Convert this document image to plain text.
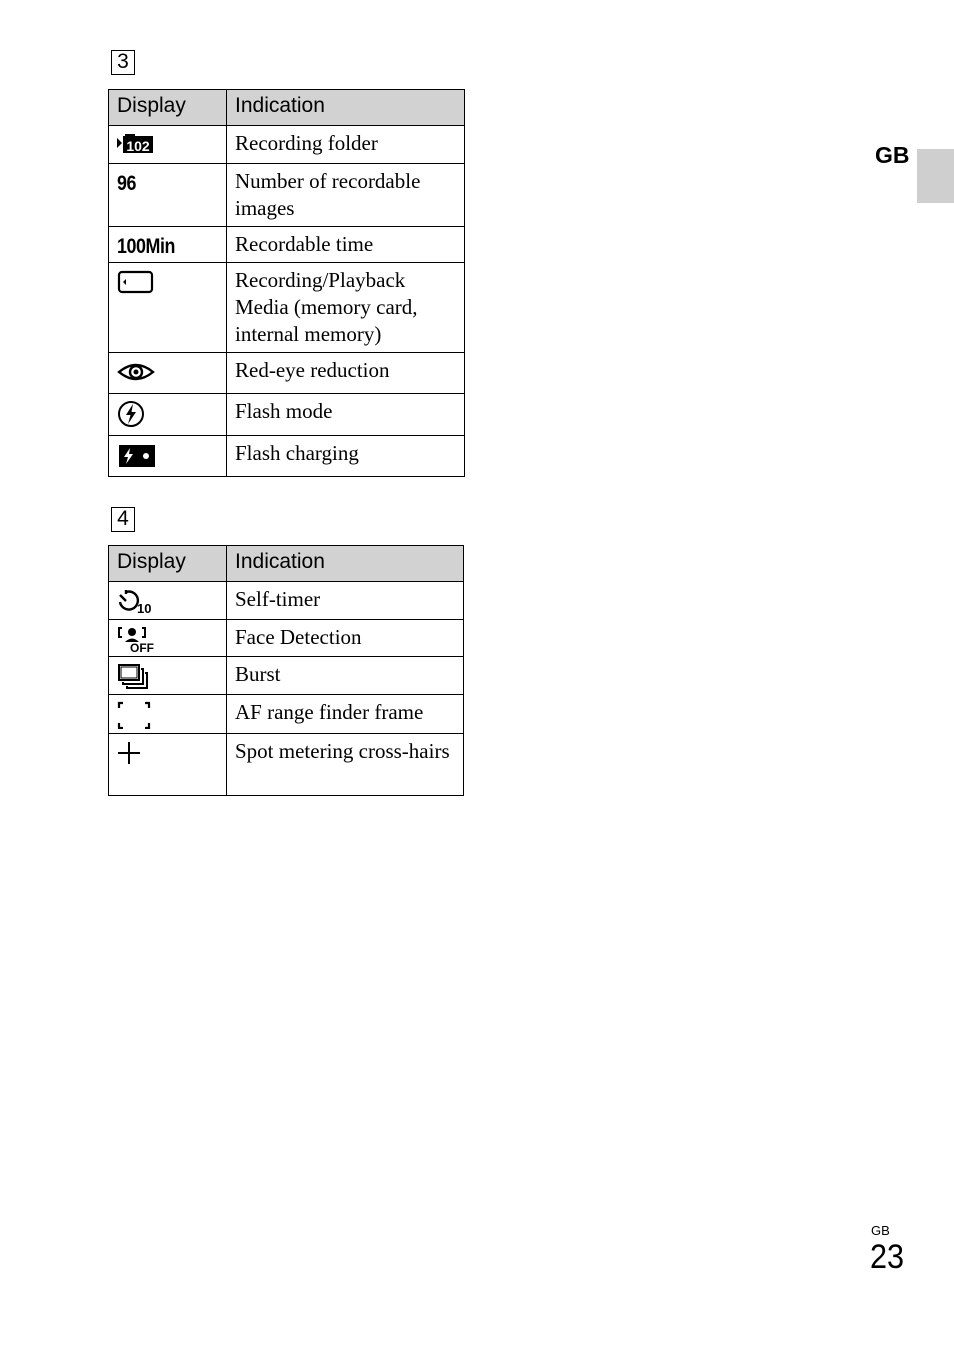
GB
3
Display	Indication

102	Recording folder
96	Number of recordable images
100Min	Recordable time

	Recording/Playback Media (memory card, internal memory)

	Red-eye reduction

	Flash mode

	Flash charging
4
Display	Indication

10	Self-timer

OFF	Face Detection

	Burst

	AF range finder frame

	Spot metering cross-hairs
GB
23
